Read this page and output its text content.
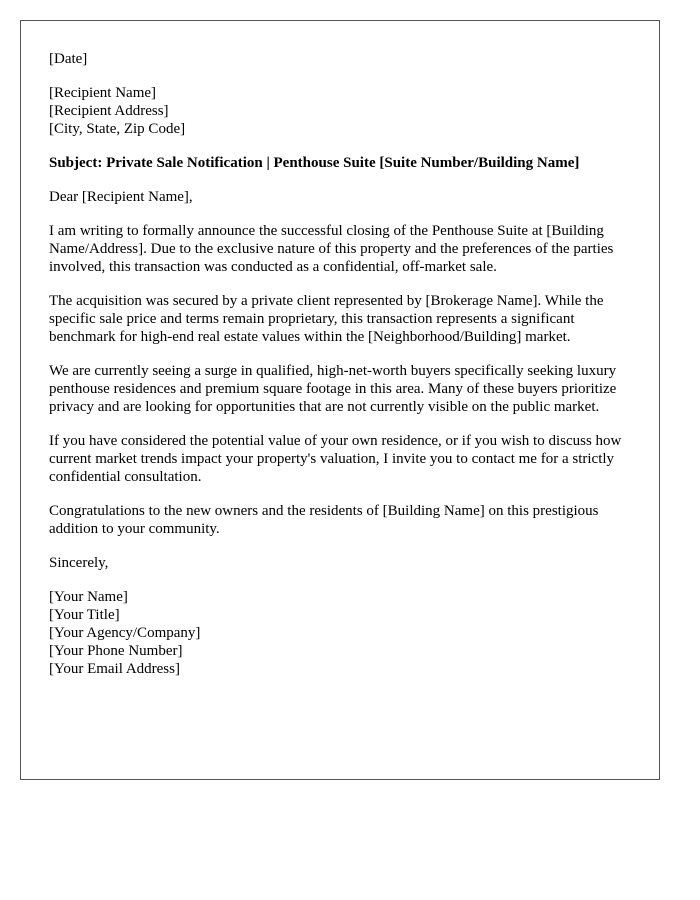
[Date]
[Recipient Name]
[Recipient Address]
[City, State, Zip Code]
Subject: Private Sale Notification | Penthouse Suite [Suite Number/Building Name]
Dear [Recipient Name],

I am writing to formally announce the successful closing of the Penthouse Suite at [Building Name/Address]. Due to the exclusive nature of this property and the preferences of the parties involved, this transaction was conducted as a confidential, off-market sale.

The acquisition was secured by a private client represented by [Brokerage Name]. While the specific sale price and terms remain proprietary, this transaction represents a significant benchmark for high-end real estate values within the [Neighborhood/Building] market.

We are currently seeing a surge in qualified, high-net-worth buyers specifically seeking luxury penthouse residences and premium square footage in this area. Many of these buyers prioritize privacy and are looking for opportunities that are not currently visible on the public market.

If you have considered the potential value of your own residence, or if you wish to discuss how current market trends impact your property's valuation, I invite you to contact me for a strictly confidential consultation.

Congratulations to the new owners and the residents of [Building Name] on this prestigious addition to your community.

Sincerely,
[Your Name]
[Your Title]
[Your Agency/Company]
[Your Phone Number]
[Your Email Address]
